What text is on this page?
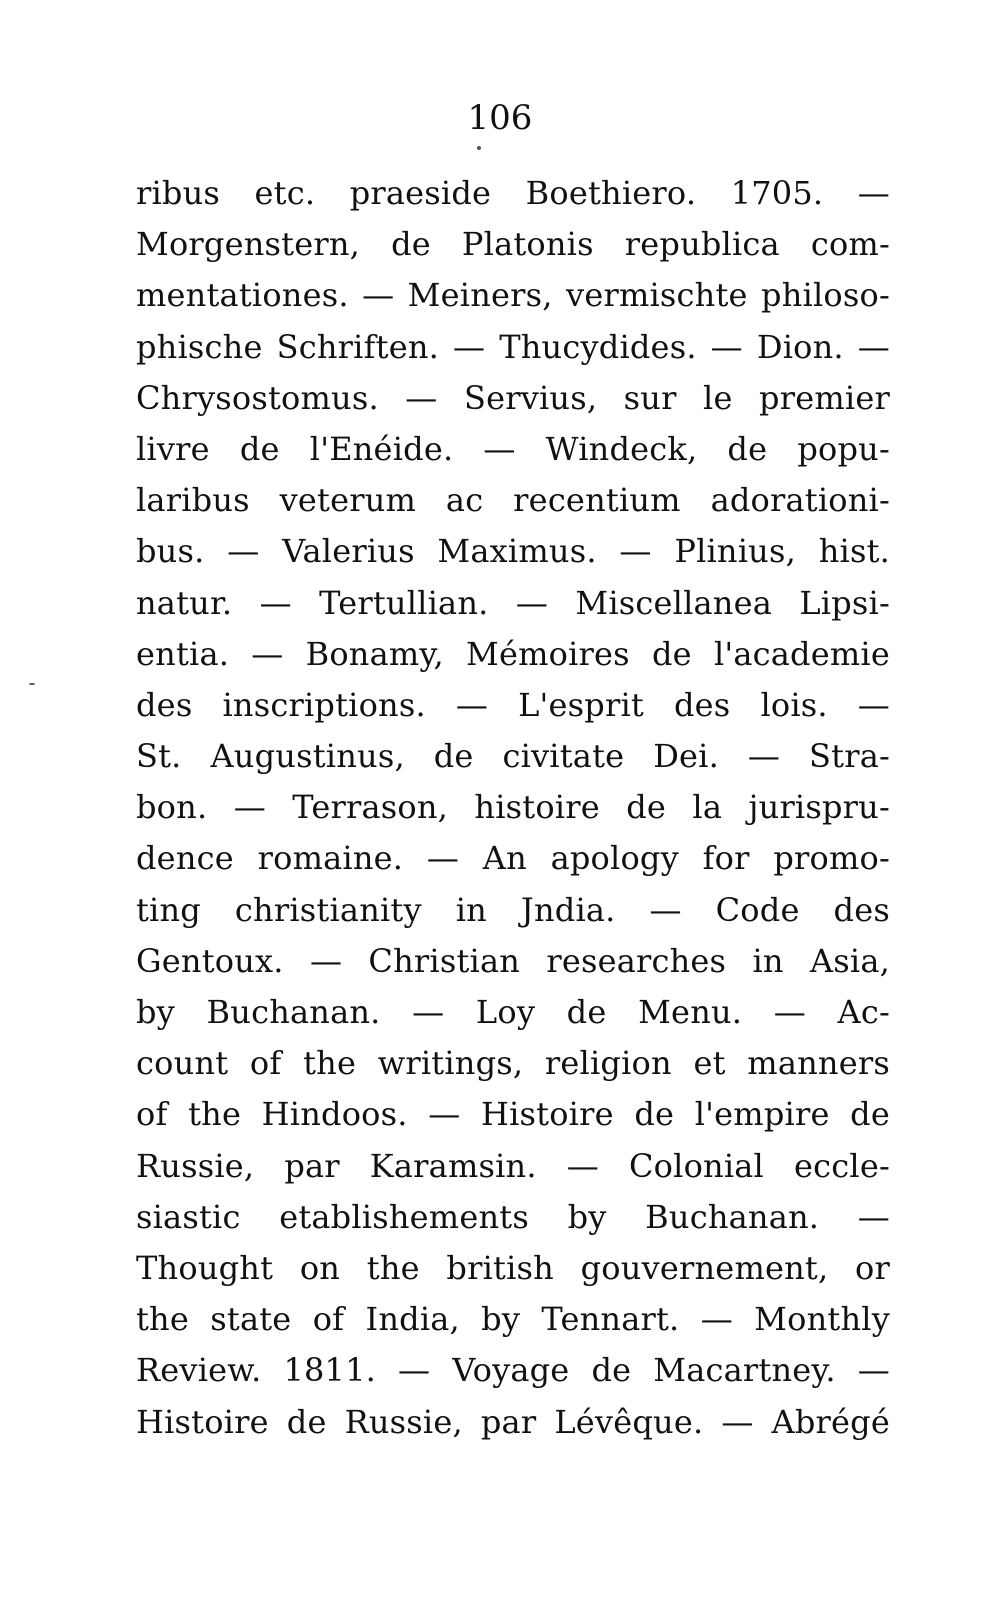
106
ribus etc. praeside Boethiero. 1705. —
Morgenstern, de Platonis republica com-
mentationes. — Meiners, vermischte philoso-
phische Schriften. — Thucydides. — Dion. —
Chrysostomus. — Servius, sur le premier
livre de l'Enéide. — Windeck, de popu-
laribus veterum ac recentium adorationi-
bus. — Valerius Maximus. — Plinius, hist.
natur. — Tertullian. — Miscellanea Lipsi-
entia. — Bonamy, Mémoires de l'academie
des inscriptions. — L'esprit des lois. —
St. Augustinus, de civitate Dei. — Stra-
bon. — Terrason, histoire de la jurispru-
dence romaine. — An apology for promo-
ting christianity in Jndia. — Code des
Gentoux. — Christian researches in Asia,
by Buchanan. — Loy de Menu. — Ac-
count of the writings, religion et manners
of the Hindoos. — Histoire de l'empire de
Russie, par Karamsin. — Colonial eccle-
siastic etablishements by Buchanan. —
Thought on the british gouvernement, or
the state of India, by Tennart. — Monthly
Review. 1811. — Voyage de Macartney. —
Histoire de Russie, par Lévêque. — Abrégé
